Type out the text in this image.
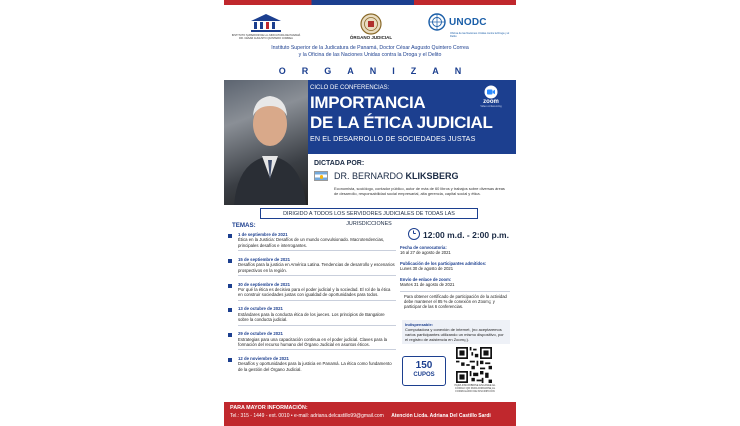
INSTITUTO SUPERIOR DE LA JUDICATURA DE PANAMÁ DR. CÉSAR AUGUSTO QUINTERO CORREA	ÓRGANO JUDICIAL
UNODC
Oficina de las Naciones Unidas contra la Droga y el Delito
Instituto Superior de la Judicatura de Panamá, Doctor César Augusto Quintero Correa
y la Oficina de las Naciones Unidas contra la Droga y el Delito
ORGANIZAN
CICLO DE CONFERENCIAS:
IMPORTANCIA
DE LA ÉTICA JUDICIAL
EN EL DESARROLLO DE SOCIEDADES JUSTAS
zoom
Video conferencing
DICTADA POR:
DR. BERNARDO KLIKSBERG
Economista, sociólogo, contador público, autor de más de 60 libros y trabajos sobre diversas áreas de desarrollo, responsabilidad social empresarial, alta gerencia, capital social y ética.
DIRIGIDO A TODOS LOS SERVIDORES JUDICIALES DE TODAS LAS JURISDICCIONES
TEMAS:
1 de septiembre de 2021
Ética en la Justicia: Desafíos de un mundo convulsionado. Macrotendencias, principales desafíos e interrogantes.
15 de septiembre de 2021
Desafíos para la justicia en América Latina. Tendencias de desarrollo y escenarios prospectivos en la región.
30 de septiembre de 2021
Por qué la ética es decisiva para el poder judicial y la sociedad. El rol de la ética en construir sociedades justas con igualdad de oportunidades para todos.
13 de octubre de 2021
Estándares para la conducta ética de los jueces. Los principios de Bangalore sobre la conducta judicial.
29 de octubre de 2021
Estrategias para una capacitación continua en el poder judicial. Claves para la formación del recurso humano del Órgano Judicial en asuntos éticos.
12 de noviembre de 2021
Desafíos y oportunidades para la justicia en Panamá. La ética como fundamento de la gestión del Órgano Judicial.
12:00 m.d. - 2:00 p.m.
Fecha de convocatoria:
16 al 27 de agosto de 2021
Publicación de los participantes admitidos:
Lunes 30 de agosto de 2021
Envío de enlace de zoom:
Martes 31 de agosto de 2021
Para obtener certificado de participación de la actividad debe mantener el 85 % de conexión en Zoom¡¡ y participar de las 6 conferencias.
Indispensable:
Computadora y conexión de internet, (no aceptaremos varios participantes utilizando un mismo dispositivo, por el registro de asistencia en Zoom¡¡).
150
CUPOS
PARA INSCRIBIRSE ESCANEE EL CÓDIGO QR PARA DIRIGIRSE AL FORMULARIO DE INSCRIPCIÓN
PARA MAYOR INFORMACIÓN:
Tel.: 315 - 1449 - ext. 0010 • e-mail: adriana.delcastillo99@gmail.com Atención Licda. Adriana Del Castillo Sardi
